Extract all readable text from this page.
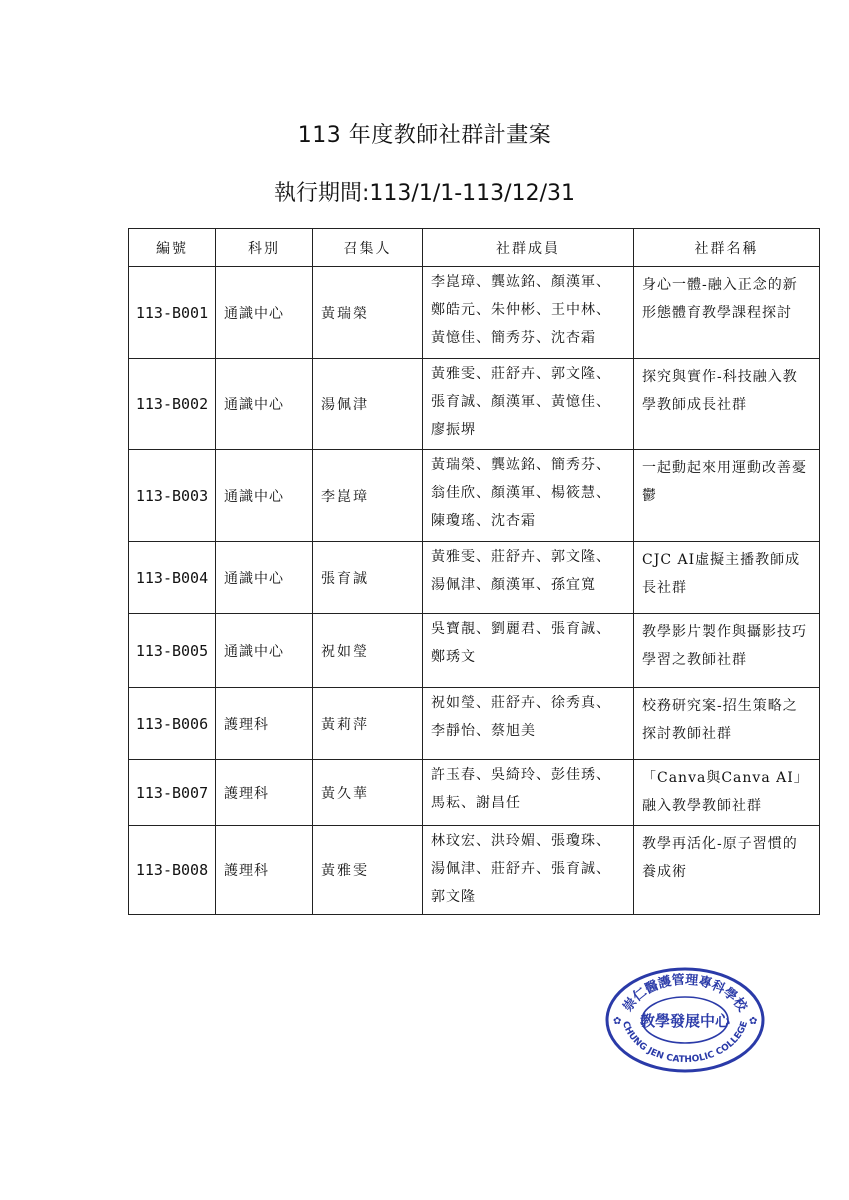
113 年度教師社群計畫案
執行期間:113/1/1-113/12/31
編號	科別	召集人	社群成員	社群名稱
113-B001	通識中心	黃瑞榮	李崑璋、龔竑銘、顏漢軍、鄭皓元、朱仲彬、王中林、黃憶佳、簡秀芬、沈杏霜	身心一體-融入正念的新形態體育教學課程探討
113-B002	通識中心	湯佩津	黃雅雯、莊舒卉、郭文隆、張育誠、顏漢軍、黃憶佳、廖振堺	探究與實作-科技融入教學教師成長社群
113-B003	通識中心	李崑璋	黃瑞榮、龔竑銘、簡秀芬、翁佳欣、顏漢軍、楊筱慧、陳瓊瑤、沈杏霜	一起動起來用運動改善憂鬱
113-B004	通識中心	張育誠	黃雅雯、莊舒卉、郭文隆、湯佩津、顏漢軍、孫宜寬	CJC AI虛擬主播教師成長社群
113-B005	通識中心	祝如瑩	吳寶靚、劉麗君、張育誠、鄭琇文	教學影片製作與攝影技巧學習之教師社群
113-B006	護理科	黃莉萍	祝如瑩、莊舒卉、徐秀真、李靜怡、蔡旭美	校務研究案-招生策略之探討教師社群
113-B007	護理科	黃久華	許玉春、吳綺玲、彭佳琇、馬耘、謝昌任	「Canva與Canva AI」融入教學教師社群
113-B008	護理科	黃雅雯	林玟宏、洪玲媚、張瓊珠、湯佩津、莊舒卉、張育誠、郭文隆	教學再活化-原子習慣的養成術
崇仁醫護管理專科學校
教學發展中心
CHUNG JEN CATHOLIC COLLEGE
✿	✿
